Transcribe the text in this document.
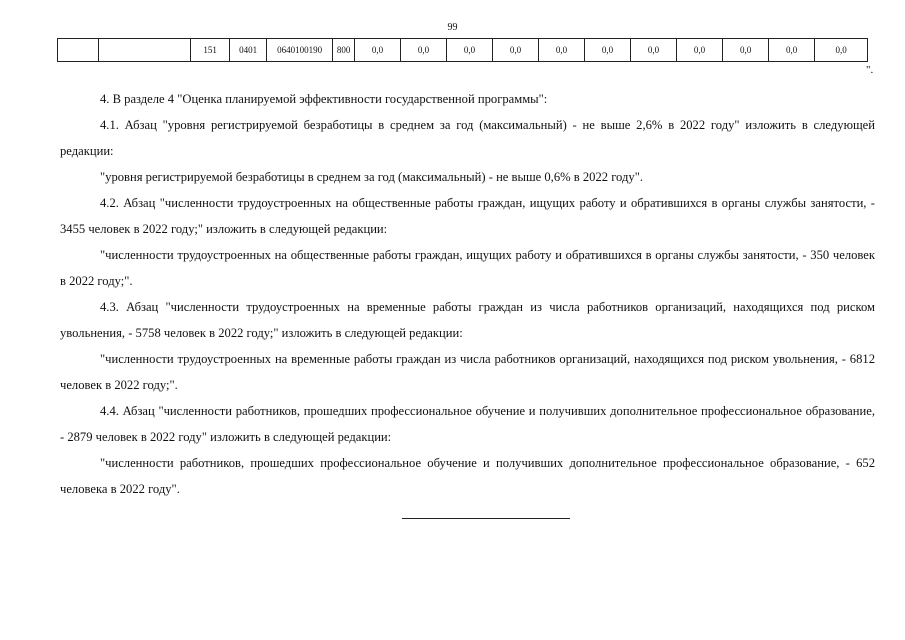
99
		151	0401	0640100190	800	0,0	0,0	0,0	0,0	0,0	0,0	0,0	0,0	0,0	0,0	0,0
".

4. В разделе 4 "Оценка планируемой эффективности государственной программы":

4.1. Абзац "уровня регистрируемой безработицы в среднем за год (максимальный) - не выше 2,6% в 2022 году" изложить в следующей редакции:

"уровня регистрируемой безработицы в среднем за год (максимальный) - не выше 0,6% в 2022 году".

4.2. Абзац "численности трудоустроенных на общественные работы граждан, ищущих работу и обратившихся в органы службы занятости, - 3455 человек в 2022 году;" изложить в следующей редакции:

"численности трудоустроенных на общественные работы граждан, ищущих работу и обратившихся в органы службы занятости, - 350 человек в 2022 году;".

4.3. Абзац "численности трудоустроенных на временные работы граждан из числа работников организаций, находящихся под риском увольнения, - 5758 человек в 2022 году;" изложить в следующей редакции:

"численности трудоустроенных на временные работы граждан из числа работников организаций, находящихся под риском увольнения, - 6812 человек в 2022 году;".

4.4. Абзац "численности работников, прошедших профессиональное обучение и получивших дополнительное профессиональное образование, - 2879 человек в 2022 году" изложить в следующей редакции:

"численности работников, прошедших профессиональное обучение и получивших дополнительное профессиональное образование, - 652 человека в 2022 году".
